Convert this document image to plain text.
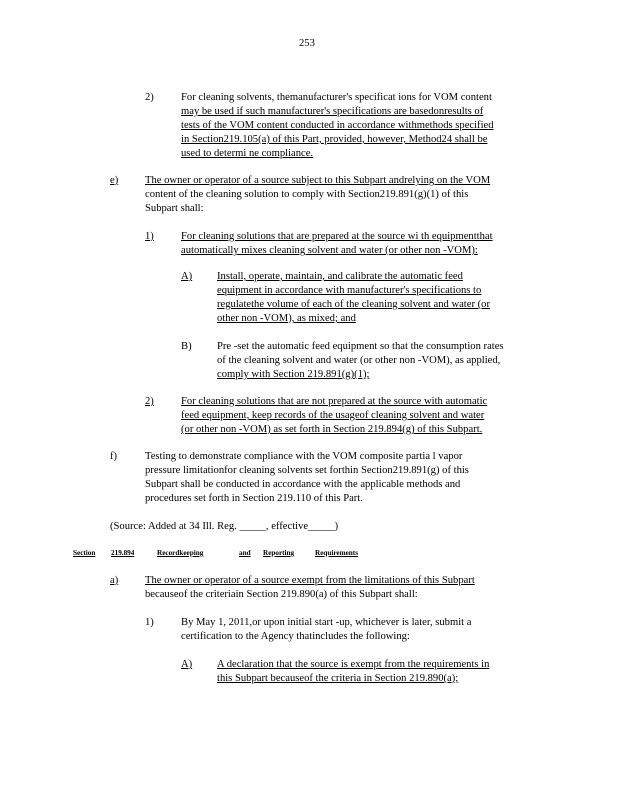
253
2)	For cleaning solvents, themanufacturer's specificat ions for VOM content
may be used if such manufacturer's specifications are basedonresults of
tests of the VOM content conducted in accordance withmethods specified
in Section219.105(a) of this Part, provided, however, Method24 shall be
used to determi ne compliance.
e)	The owner or operator of a source subject to this Subpart andrelying on the VOM
content of the cleaning solution to comply with Section219.891(g)(1) of this
Subpart shall:
1)	For cleaning solutions that are prepared at the source wi th equipmentthat
automatically mixes cleaning solvent and water (or other non -VOM):
A) Install, operate, maintain, and calibrate the automatic feed
equipment in accordance with manufacturer's specifications to
regulatethe volume of each of the cleaning solvent and water (or
other non -VOM), as mixed; and
B) Pre -set the automatic feed equipment so that the consumption rates
of the cleaning solvent and water (or other non -VOM), as applied,
comply with Section 219.891(g)(1);
2)	For cleaning solutions that are not prepared at the source with automatic
feed equipment, keep records of the usageof cleaning solvent and water
(or other non -VOM) as set forth in Section 219.894(g) of this Subpart.
f)	Testing to demonstrate compliance with the VOM composite partia l vapor
pressure limitationfor cleaning solvents set forthin Section219.891(g) of this
Subpart shall be conducted in accordance with the applicable methods and
procedures set forth in Section 219.110 of this Part.
(Source: Added at 34 Ill. Reg. _____, effective_____)
Section 219.894	Recordkeeping	and Reporting	Requirements
a)	The owner or operator of a source exempt from the limitations of this Subpart
becauseof the criteriain Section 219.890(a) of this Subpart shall:
1)	By May 1, 2011,or upon initial start -up, whichever is later, submit a
certification to the Agency thatincludes the following:
A) A declaration that the source is exempt from the requirements in
this Subpart becauseof the criteria in Section 219.890(a);
